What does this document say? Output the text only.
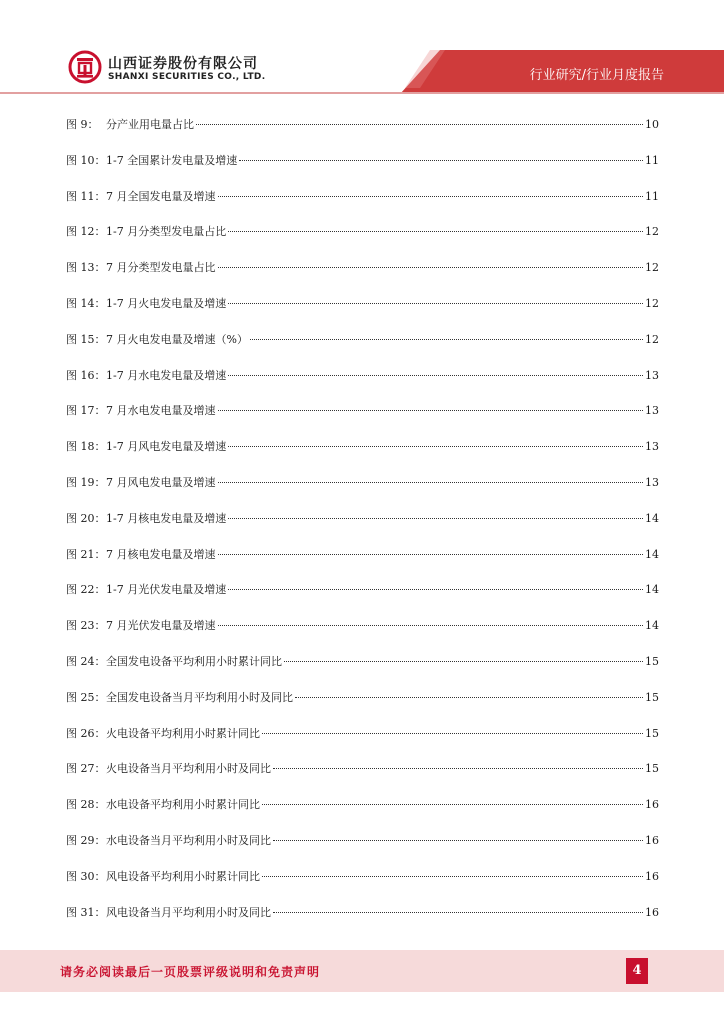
山西证券股份有限公司
SHANXI SECURITIES CO., LTD.	行业研究/行业月度报告
图 9： 分产业用电量占比	10
图 10： 1-7 全国累计发电量及增速	11
图 11： 7 月全国发电量及增速	11
图 12： 1-7 月分类型发电量占比	12
图 13： 7 月分类型发电量占比	12
图 14： 1-7 月火电发电量及增速	12
图 15： 7 月火电发电量及增速（%）	12
图 16： 1-7 月水电发电量及增速	13
图 17： 7 月水电发电量及增速	13
图 18： 1-7 月风电发电量及增速	13
图 19： 7 月风电发电量及增速	13
图 20： 1-7 月核电发电量及增速	14
图 21： 7 月核电发电量及增速	14
图 22： 1-7 月光伏发电量及增速	14
图 23： 7 月光伏发电量及增速	14
图 24： 全国发电设备平均利用小时累计同比	15
图 25： 全国发电设备当月平均利用小时及同比	15
图 26： 火电设备平均利用小时累计同比	15
图 27： 火电设备当月平均利用小时及同比	15
图 28： 水电设备平均利用小时累计同比	16
图 29： 水电设备当月平均利用小时及同比	16
图 30： 风电设备平均利用小时累计同比	16
图 31： 风电设备当月平均利用小时及同比	16
请务必阅读最后一页股票评级说明和免责声明	4
